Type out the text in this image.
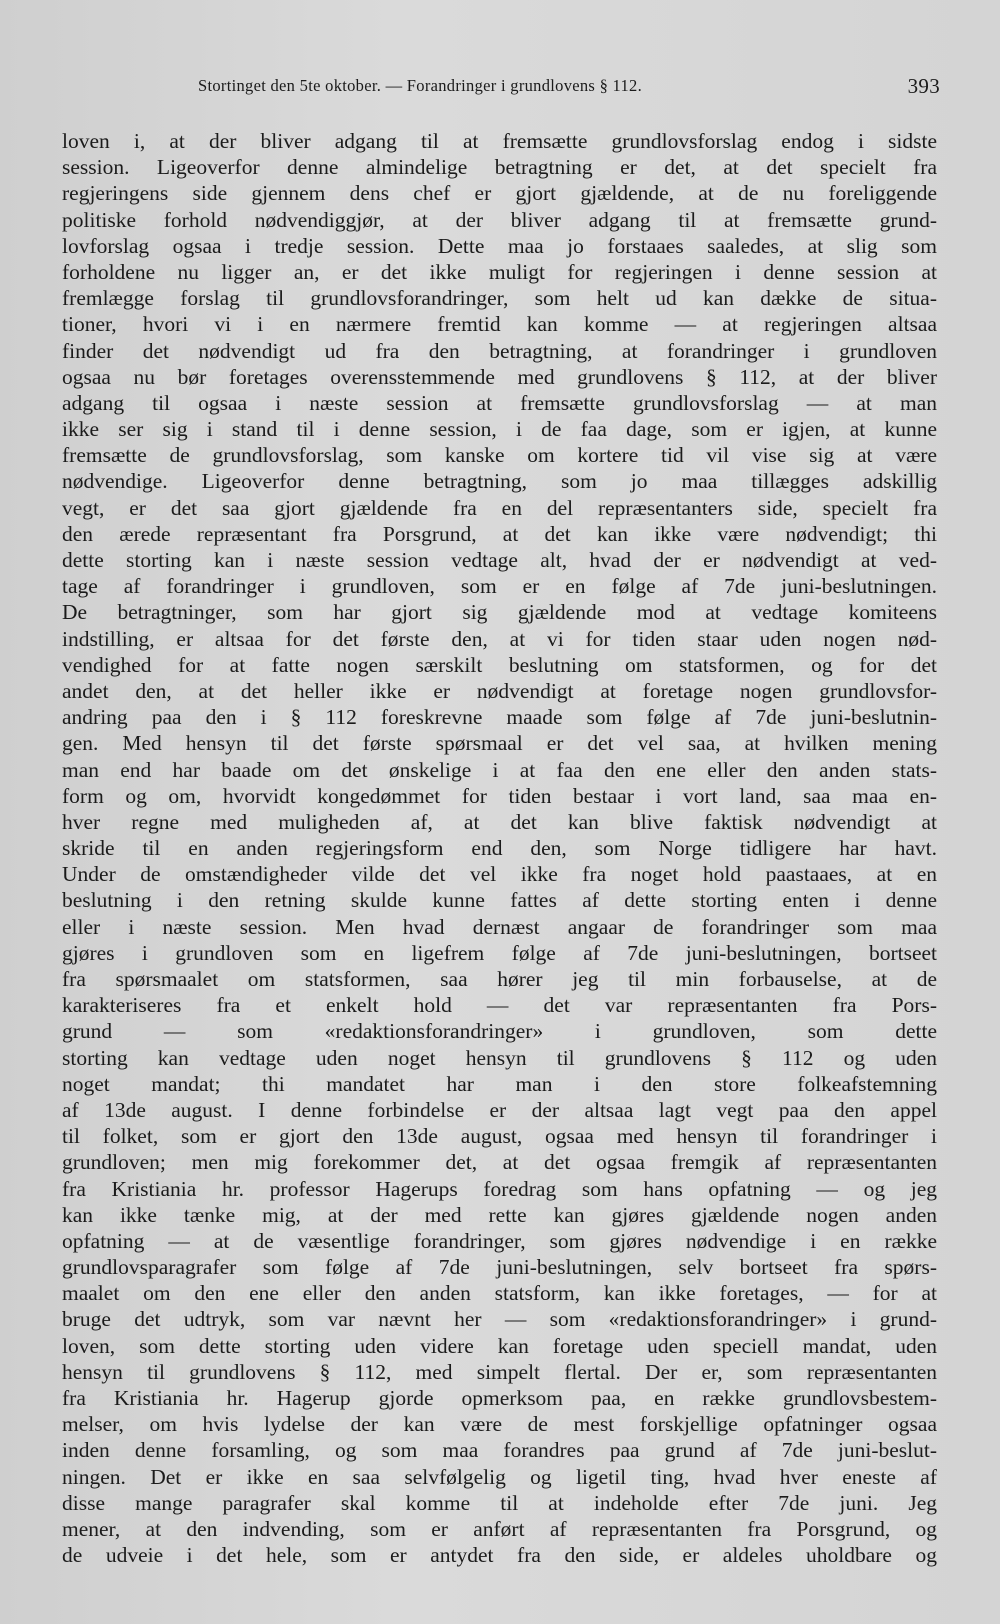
Stortinget den 5te oktober. — Forandringer i grundlovens § 112.	393
loven i, at der bliver adgang til at fremsætte grundlovsforslag endog i sidste
session. Ligeoverfor denne almindelige betragtning er det, at det specielt fra
regjeringens side gjennem dens chef er gjort gjældende, at de nu foreliggende
politiske forhold nødvendiggjør, at der bliver adgang til at fremsætte grund-
lovforslag ogsaa i tredje session. Dette maa jo forstaaes saaledes, at slig som
forholdene nu ligger an, er det ikke muligt for regjeringen i denne session at
fremlægge forslag til grundlovsforandringer, som helt ud kan dække de situa-
tioner, hvori vi i en nærmere fremtid kan komme — at regjeringen altsaa
finder det nødvendigt ud fra den betragtning, at forandringer i grundloven
ogsaa nu bør foretages overensstemmende med grundlovens § 112, at der bliver
adgang til ogsaa i næste session at fremsætte grundlovsforslag — at man
ikke ser sig i stand til i denne session, i de faa dage, som er igjen, at kunne
fremsætte de grundlovsforslag, som kanske om kortere tid vil vise sig at være
nødvendige. Ligeoverfor denne betragtning, som jo maa tillægges adskillig
vegt, er det saa gjort gjældende fra en del repræsentanters side, specielt fra
den ærede repræsentant fra Porsgrund, at det kan ikke være nødvendigt; thi
dette storting kan i næste session vedtage alt, hvad der er nødvendigt at ved-
tage af forandringer i grundloven, som er en følge af 7de juni-beslutningen.
De betragtninger, som har gjort sig gjældende mod at vedtage komiteens
indstilling, er altsaa for det første den, at vi for tiden staar uden nogen nød-
vendighed for at fatte nogen særskilt beslutning om statsformen, og for det
andet den, at det heller ikke er nødvendigt at foretage nogen grundlovsfor-
andring paa den i § 112 foreskrevne maade som følge af 7de juni-beslutnin-
gen. Med hensyn til det første spørsmaal er det vel saa, at hvilken mening
man end har baade om det ønskelige i at faa den ene eller den anden stats-
form og om, hvorvidt kongedømmet for tiden bestaar i vort land, saa maa en-
hver regne med muligheden af, at det kan blive faktisk nødvendigt at
skride til en anden regjeringsform end den, som Norge tidligere har havt.
Under de omstændigheder vilde det vel ikke fra noget hold paastaaes, at en
beslutning i den retning skulde kunne fattes af dette storting enten i denne
eller i næste session. Men hvad dernæst angaar de forandringer som maa
gjøres i grundloven som en ligefrem følge af 7de juni-beslutningen, bortseet
fra spørsmaalet om statsformen, saa hører jeg til min forbauselse, at de
karakteriseres fra et enkelt hold — det var repræsentanten fra Pors-
grund — som «redaktionsforandringer» i grundloven, som dette
storting kan vedtage uden noget hensyn til grundlovens § 112 og uden
noget mandat; thi mandatet har man i den store folkeafstemning
af 13de august. I denne forbindelse er der altsaa lagt vegt paa den appel
til folket, som er gjort den 13de august, ogsaa med hensyn til forandringer i
grundloven; men mig forekommer det, at det ogsaa fremgik af repræsentanten
fra Kristiania hr. professor Hagerups foredrag som hans opfatning — og jeg
kan ikke tænke mig, at der med rette kan gjøres gjældende nogen anden
opfatning — at de væsentlige forandringer, som gjøres nødvendige i en række
grundlovsparagrafer som følge af 7de juni-beslutningen, selv bortseet fra spørs-
maalet om den ene eller den anden statsform, kan ikke foretages, — for at
bruge det udtryk, som var nævnt her — som «redaktionsforandringer» i grund-
loven, som dette storting uden videre kan foretage uden speciell mandat, uden
hensyn til grundlovens § 112, med simpelt flertal. Der er, som repræsentanten
fra Kristiania hr. Hagerup gjorde opmerksom paa, en række grundlovsbestem-
melser, om hvis lydelse der kan være de mest forskjellige opfatninger ogsaa
inden denne forsamling, og som maa forandres paa grund af 7de juni-beslut-
ningen. Det er ikke en saa selvfølgelig og ligetil ting, hvad hver eneste af
disse mange paragrafer skal komme til at indeholde efter 7de juni. Jeg
mener, at den indvending, som er anført af repræsentanten fra Porsgrund, og
de udveie i det hele, som er antydet fra den side, er aldeles uholdbare og
